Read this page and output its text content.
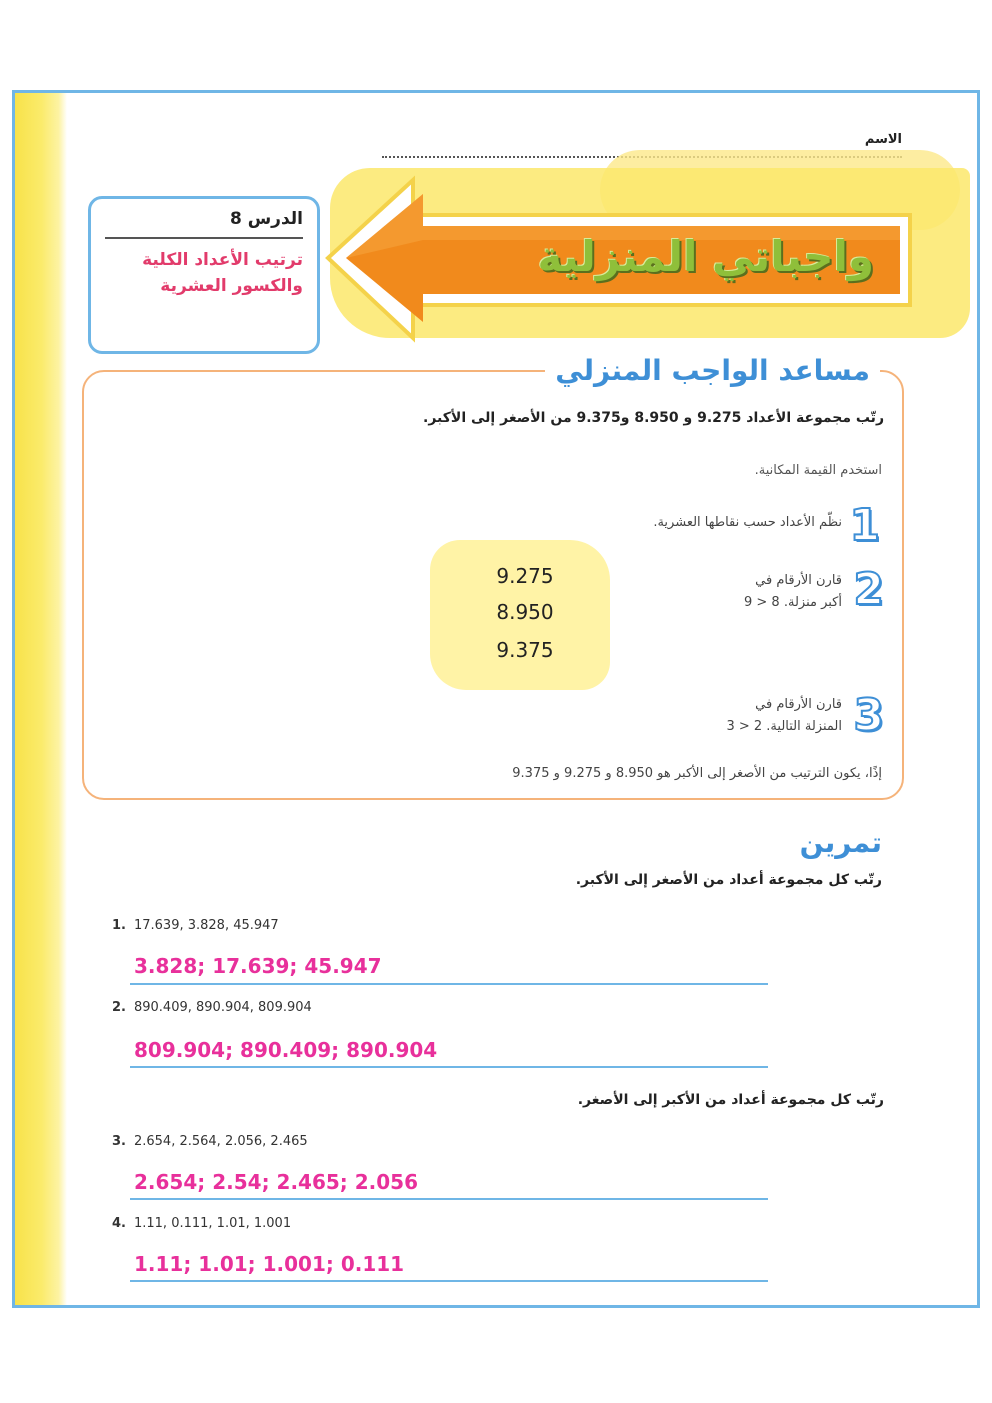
الاسم
واجباتي المنزلية
الدرس 8
ترتيب الأعداد الكلية والكسور العشرية
مساعد الواجب المنزلي
رتّب مجموعة الأعداد 9.275 و 8.950 و9.375 من الأصغر إلى الأكبر.
استخدم القيمة المكانية.
1
نظّم الأعداد حسب نقاطها العشرية.
2
قارن الأرقام في
أكبر منزلة. 8 < 9
9.275
8.950
9.375
3
قارن الأرقام في
المنزلة التالية. 2 < 3
إذًا، يكون الترتيب من الأصغر إلى الأكبر هو 8.950 و 9.275 و 9.375
تمرين
رتّب كل مجموعة أعداد من الأصغر إلى الأكبر.
1. 17.639, 3.828, 45.947
3.828; 17.639; 45.947
2. 890.409, 890.904, 809.904
809.904; 890.409; 890.904
رتّب كل مجموعة أعداد من الأكبر إلى الأصغر.
3. 2.654, 2.564, 2.056, 2.465
2.654; 2.54; 2.465; 2.056
4. 1.11, 0.111, 1.01, 1.001
1.11; 1.01; 1.001; 0.111
